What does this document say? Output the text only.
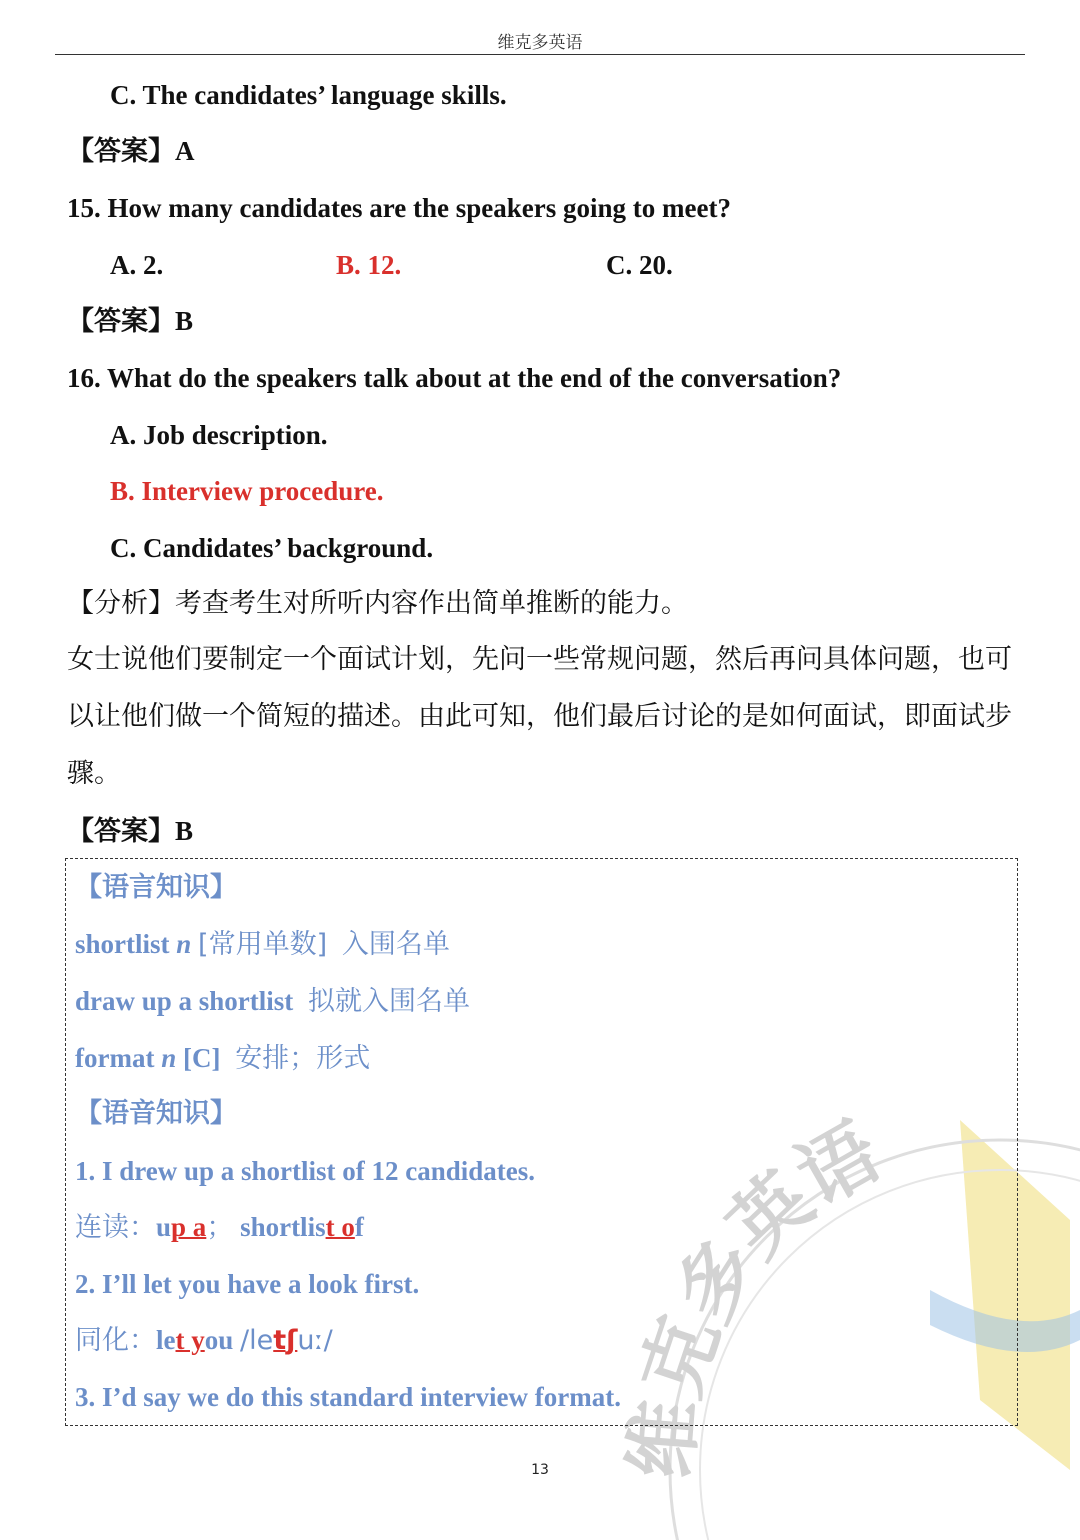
维克多英语
C. The candidates’ language skills.
【答案】A
15. How many candidates are the speakers going to meet?
A. 2.	B. 12.	C. 20.
【答案】B
16. What do the speakers talk about at the end of the conversation?
A. Job description.
B. Interview procedure.
C. Candidates’ background.
【分析】考查考生对所听内容作出简单推断的能力。
女士说他们要制定一个面试计划，先问一些常规问题，然后再问具体问题，也可以让他们做一个简短的描述。由此可知，他们最后讨论的是如何面试，即面试步骤。
【答案】B
维克多英语
【语言知识】
shortlist n [常用单数] 入围名单
draw up a shortlist 拟就入围名单
format n [C] 安排；形式
【语音知识】
1. I drew up a shortlist of 12 candidates.
连读：up a； shortlist of
2. I’ll let you have a look first.
同化：let you /letʃuː/
3. I’d say we do this standard interview format.
13
